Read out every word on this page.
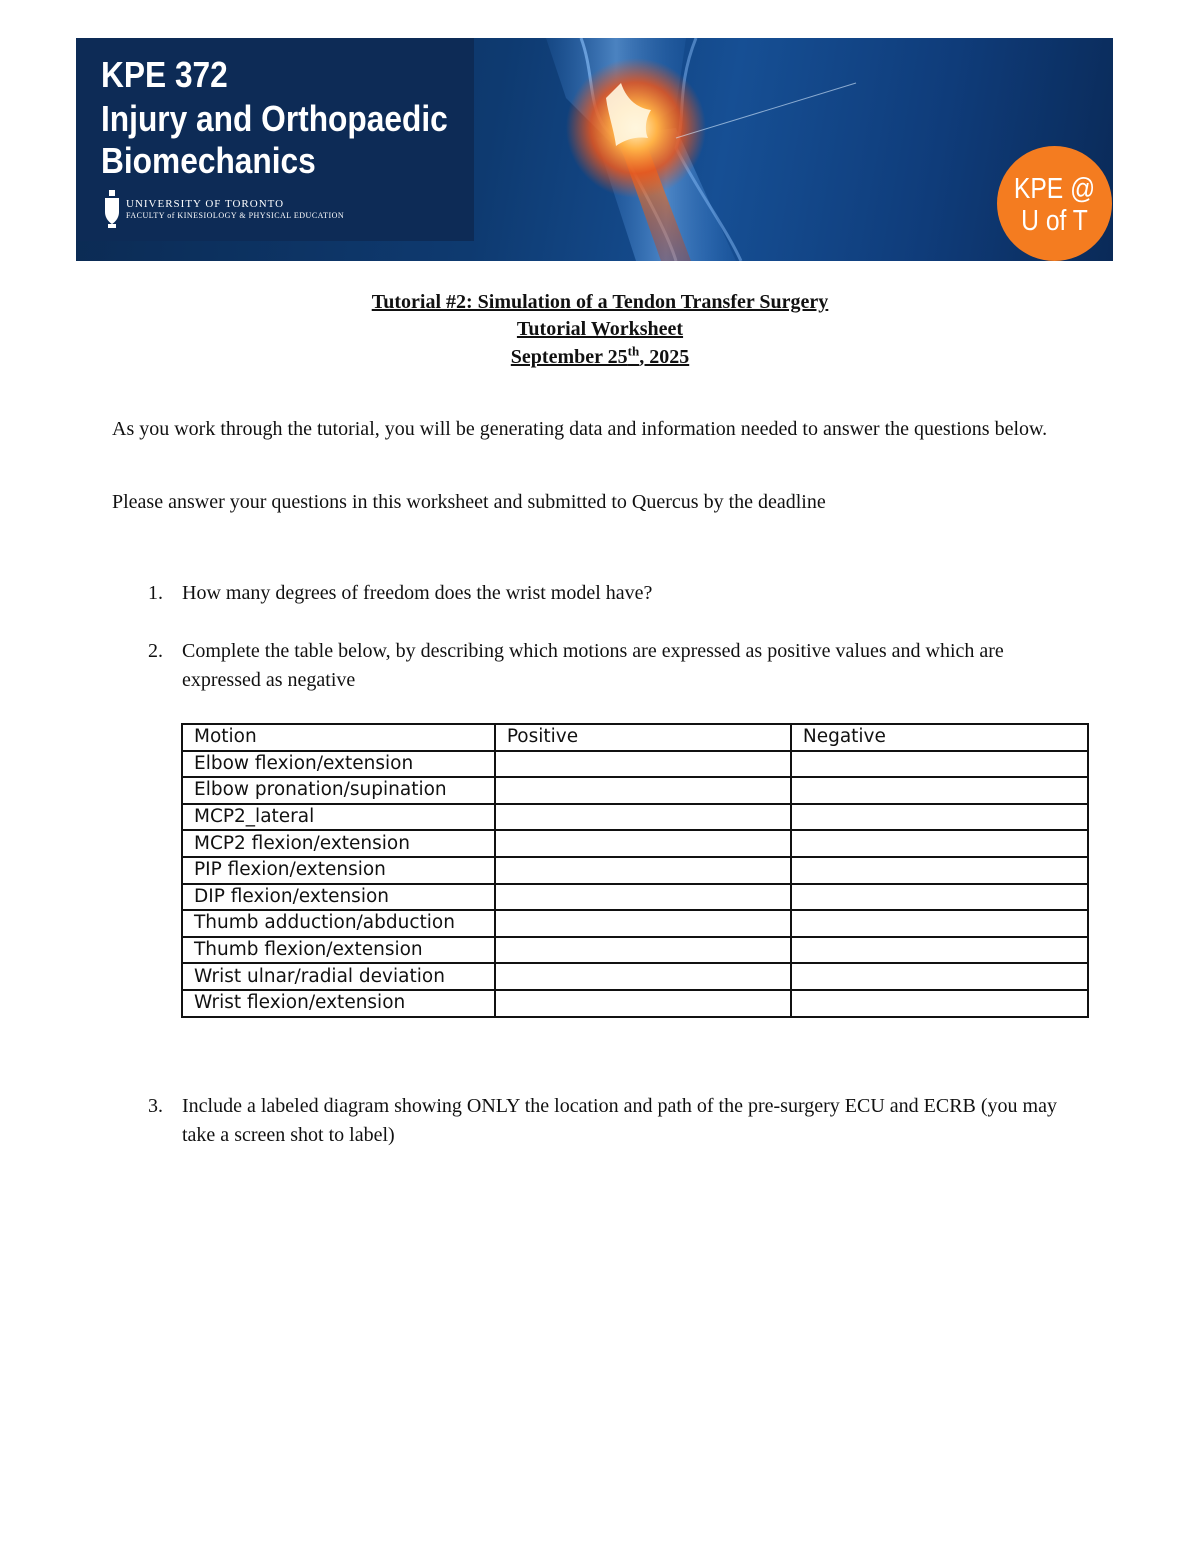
KPE 372
Injury and Orthopaedic
Biomechanics
UNIVERSITY OF TORONTO
FACULTY of KINESIOLOGY & PHYSICAL EDUCATION
KPE @
U of T
Tutorial #2: Simulation of a Tendon Transfer Surgery
Tutorial Worksheet
September 25th, 2025
As you work through the tutorial, you will be generating data and information needed to answer the questions below.
Please answer your questions in this worksheet and submitted to Quercus by the deadline
1. How many degrees of freedom does the wrist model have?
2. Complete the table below, by describing which motions are expressed as positive values and which are expressed as negative
Motion	Positive	Negative
Elbow flexion/extension		
Elbow pronation/supination		
MCP2_lateral		
MCP2 flexion/extension		
PIP flexion/extension		
DIP flexion/extension		
Thumb adduction/abduction		
Thumb flexion/extension		
Wrist ulnar/radial deviation		
Wrist flexion/extension		
3. Include a labeled diagram showing ONLY the location and path of the pre-surgery ECU and ECRB (you may take a screen shot to label)
